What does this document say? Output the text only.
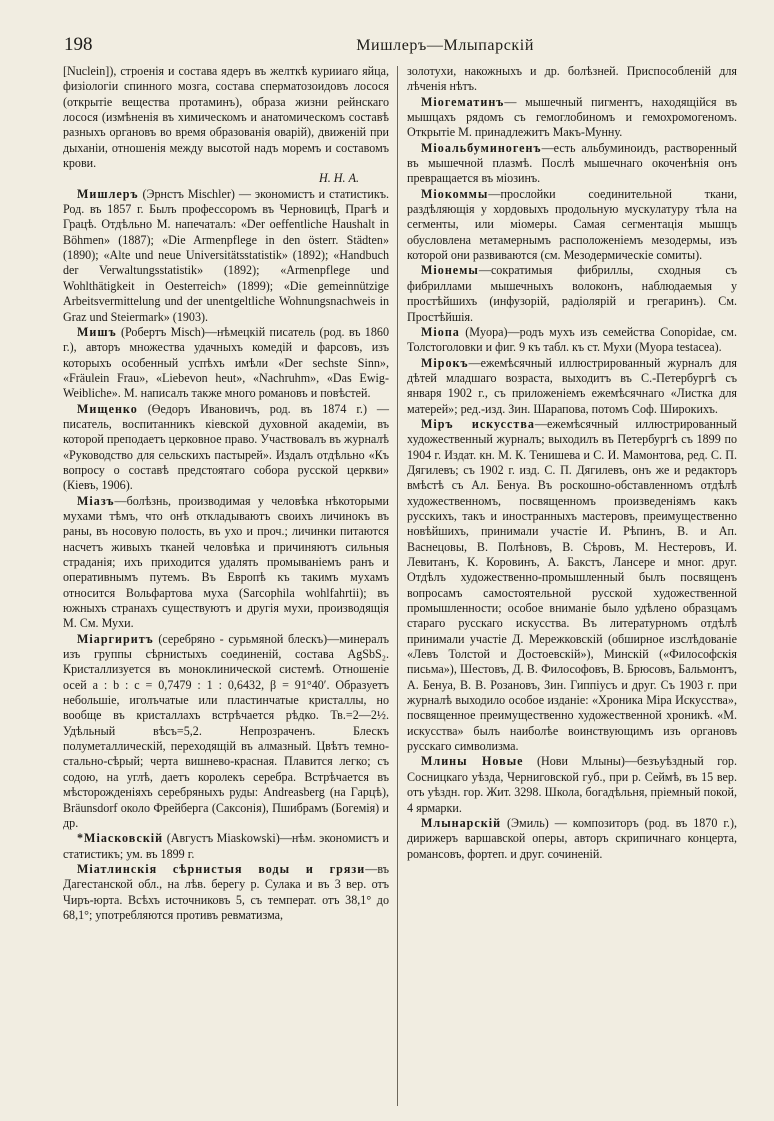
198	Мишлеръ—Млыпарскій

[Nuclein]), строенія и состава ядеръ въ желткѣ курииаго яйца, физіологіи спинного мозга, состава сперматозоидовъ лосося (открытіе вещества протаминъ), образа жизни рейнскаго лосося (измѣненія въ химическомъ и анатомическомъ составѣ разныхъ органовъ во время образованія оварій), движеній при дыханіи, отношенія между высотой надъ моремъ и составомъ крови.
Н. Н. А.

Мишлеръ (Эрнстъ Mischler) — экономистъ и статистикъ. Род. въ 1857 г. Былъ профессоромъ въ Черновицѣ, Прагѣ и Грацѣ. Отдѣльно М. напечаталъ: «Der oeffentliche Haushalt in Böhmen» (1887); «Die Armenpflege in den österr. Städten» (1890); «Alte und neue Universitätsstatistik» (1892); «Handbuch der Verwaltungsstatistik» (1892); «Armenpflege und Wohlthätigkeit in Oesterreich» (1899); «Die gemeinnützige Arbeitsvermittelung und der unentgeltliche Wohnungsnachweis in Graz und Steiermark» (1903).

Мишъ (Робертъ Misch)—нѣмецкій писатель (род. въ 1860 г.), авторъ множества удачныхъ комедій и фарсовъ, изъ которыхъ особенный успѣхъ имѣли «Der sechste Sinn», «Fräulein Frau», «Liebevon heut», «Nachruhm», «Das Ewig-Weibliche». М. написалъ также много романовъ и повѣстей.

Мищенко (Өедоръ Ивановичъ, род. въ 1874 г.) — писатель, воспитанникъ кіевской духовной академіи, въ которой преподаетъ церковное право. Участвовалъ въ журналѣ «Руководство для сельскихъ пастырей». Издалъ отдѣльно «Къ вопросу о составѣ предстоятаго собора русской церкви» (Кіевъ, 1906).

Міазъ—болѣзнь, производимая у человѣка нѣкоторыми мухами тѣмъ, что онѣ откладываютъ своихъ личинокъ въ раны, въ носовую полость, въ ухо и проч.; личинки питаются насчетъ живыхъ тканей человѣка и причиняютъ сильныя страданія; ихъ приходится удалять промываніемъ ранъ и оперативнымъ путемъ. Въ Европѣ къ такимъ мухамъ относится Вольфартова муха (Sarcophila wohlfahrtii); въ южныхъ странахъ существуютъ и другія мухи, производящія М. См. Мухи.

Міаргиритъ (серебряно - сурьмяной блескъ)—минералъ изъ группы сѣрнистыхъ соединеній, состава AgSbS₂. Кристаллизуется въ моноклинической системѣ. Отношеніе осей a : b : c = 0,7479 : 1 : 0,6432, β = 91°40′. Образуетъ небольшіе, иголъчатые или пластинчатые кристаллы, но вообще въ кристаллахъ встрѣчается рѣдко. Тв.=2—2½. Удѣльный вѣсъ=5,2. Непрозраченъ. Блескъ полуметаллическій, переходящій въ алмазный. Цвѣтъ темно-стально-сѣрый; черта вишнево-красная. Плавится легко; съ содою, на углѣ, даетъ королекъ серебра. Встрѣчается въ мѣсторожденіяхъ серебряныхъ руды: Andreasberg (на Гарцѣ), Bräunsdorf около Фрейберга (Саксонія), Пшибрамъ (Богемія) и др.

*Міасковскій (Августъ Miaskowski)—нѣм. экономистъ и статистикъ; ум. въ 1899 г.

Міатлинскія сѣрнистыя воды и грязи—въ Дагестанской обл., на лѣв. берегу р. Сулака и въ 3 вер. отъ Чиръ-юрта. Всѣхъ источниковъ 5, съ температ. отъ 38,1° до 68,1°; употребляются противъ ревматизма,

золотухи, накожныхъ и др. болѣзней. Приспособленій для лѣченія нѣтъ.

Міогематинъ— мышечный пигментъ, находящійся въ мышцахъ рядомъ съ гемоглобиномъ и гемохромогеномъ. Открытіе М. принадлежитъ Макъ-Мунну.

Міоальбуминогенъ—есть альбуминоидъ, растворенный въ мышечной плазмѣ. Послѣ мышечнаго окоченѣнія онъ превращается въ міозинъ.

Міокоммы—прослойки соединительной ткани, раздѣляющія у хордовыхъ продольную мускулатуру тѣла на сегменты, или міомеры. Самая сегментація мышцъ обусловлена метамернымъ расположеніемъ мезодермы, изъ которой они развиваются (см. Мезодермическіе сомиты).

Міонемы—сократимыя фибриллы, сходныя съ фибриллами мышечныхъ волоконъ, наблюдаемыя у простѣйшихъ (инфузорій, радіолярій и грегаринъ). См. Простѣйшія.

Міопа (Myopa)—родъ мухъ изъ семейства Conopidae, см. Толстоголовки и фиг. 9 къ табл. къ ст. Мухи (Myopa testacea).

Мірокъ—ежемѣсячный иллюстрированный журналъ для дѣтей младшаго возраста, выходитъ въ С.-Петербургѣ съ января 1902 г., съ приложеніемъ ежемѣсячнаго «Листка для матерей»; ред.-изд. Зин. Шарапова, потомъ Соф. Широкихъ.

Міръ искусства—ежемѣсячный иллюстрированный художественный журналъ; выходилъ въ Петербургѣ съ 1899 по 1904 г. Издат. кн. М. К. Тенишева и С. И. Мамонтова, ред. С. П. Дягилевъ; съ 1902 г. изд. С. П. Дягилевъ, онъ же и редакторъ вмѣстѣ съ Ал. Бенуа. Въ роскошно-обставленномъ отдѣлѣ художественномъ, посвященномъ произведеніямъ какъ русскихъ, такъ и иностранныхъ мастеровъ, преимущественно новѣйшихъ, принимали участіе И. Рѣпинъ, В. и Ап. Васнецовы, В. Полѣновъ, В. Сѣровъ, М. Нестеровъ, И. Левитанъ, К. Коровинъ, А. Бакстъ, Лансере и мног. друг. Отдѣлъ художественно-промышленный былъ посвященъ вопросамъ самостоятельной русской художественной промышленности; особое вниманіе было удѣлено образцамъ стараго русскаго искусства. Въ литературномъ отдѣлѣ принимали участіе Д. Мережковскій (обширное изслѣдованіе «Левъ Толстой и Достоевскій»), Минскій («Философскія письма»), Шестовъ, Д. В. Философовъ, В. Брюсовъ, Бальмонтъ, А. Бенуа, В. В. Розановъ, Зин. Гиппіусъ и друг. Съ 1903 г. при журналѣ выходило особое изданіе: «Хроника Міра Искусства», посвященное преимущественно художественной хроникѣ. «М. искусства» былъ наиболѣе воинствующимъ изъ органовъ русскаго символизма.

Млины Новые (Нови Млыны)—безъуѣздный гор. Сосницкаго уѣзда, Черниговской губ., при р. Сеймѣ, въ 15 вер. отъ уѣздн. гор. Жит. 3298. Школа, богадѣльня, пріемный покой, 4 ярмарки.

Млынарскій (Эмиль) — композиторъ (род. въ 1870 г.), дирижеръ варшавской оперы, авторъ скрипичнаго концерта, романсовъ, фортеп. и друг. сочиненій.
